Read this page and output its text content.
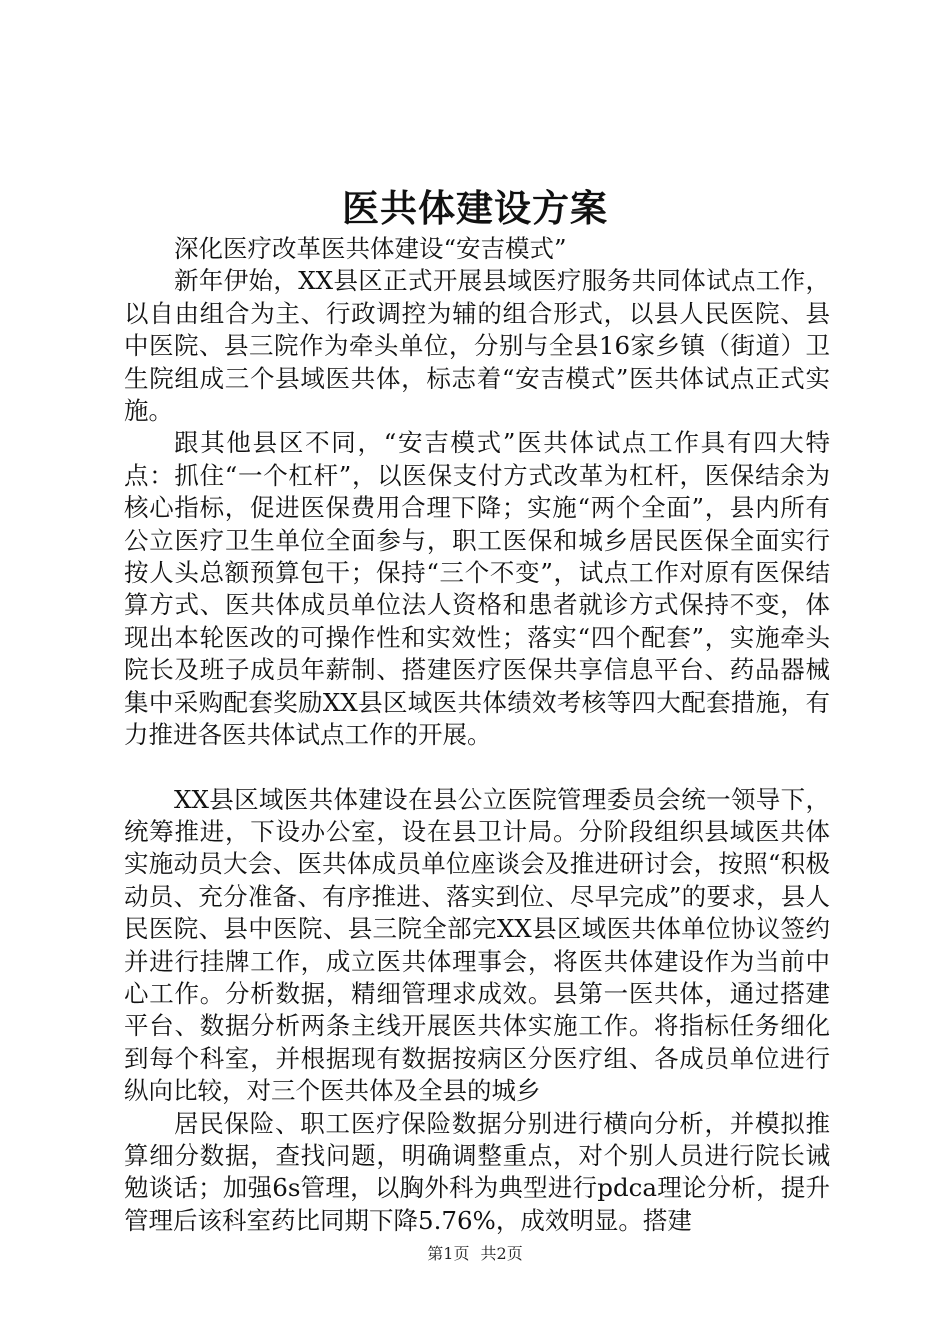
医共体建设方案

深化医疗改革医共体建设“安吉模式”

新年伊始，XX县区正式开展县域医疗服务共同体试点工作，以自由组合为主、行政调控为辅的组合形式，以县人民医院、县中医院、县三院作为牵头单位，分别与全县16家乡镇（街道）卫生院组成三个县域医共体，标志着“安吉模式”医共体试点正式实施。

跟其他县区不同，“安吉模式”医共体试点工作具有四大特点：抓住“一个杠杆”，以医保支付方式改革为杠杆，医保结余为核心指标，促进医保费用合理下降；实施“两个全面”，县内所有公立医疗卫生单位全面参与，职工医保和城乡居民医保全面实行按人头总额预算包干；保持“三个不变”，试点工作对原有医保结算方式、医共体成员单位法人资格和患者就诊方式保持不变，体现出本轮医改的可操作性和实效性；落实“四个配套”，实施牵头院长及班子成员年薪制、搭建医疗医保共享信息平台、药品器械集中采购配套奖励XX县区域医共体绩效考核等四大配套措施，有力推进各医共体试点工作的开展。

XX县区域医共体建设在县公立医院管理委员会统一领导下，统筹推进，下设办公室，设在县卫计局。分阶段组织县域医共体实施动员大会、医共体成员单位座谈会及推进研讨会，按照“积极动员、充分准备、有序推进、落实到位、尽早完成”的要求，县人民医院、县中医院、县三院全部完XX县区域医共体单位协议签约并进行挂牌工作，成立医共体理事会，将医共体建设作为当前中心工作。分析数据，精细管理求成效。县第一医共体，通过搭建平台、数据分析两条主线开展医共体实施工作。将指标任务细化到每个科室，并根据现有数据按病区分医疗组、各成员单位进行纵向比较，对三个医共体及全县的城乡

居民保险、职工医疗保险数据分别进行横向分析，并模拟推算细分数据，查找问题，明确调整重点，对个别人员进行院长诫勉谈话；加强6s管理，以胸外科为典型进行pdca理论分析，提升管理后该科室药比同期下降5.76%，成效明显。搭建

第1页 共2页
